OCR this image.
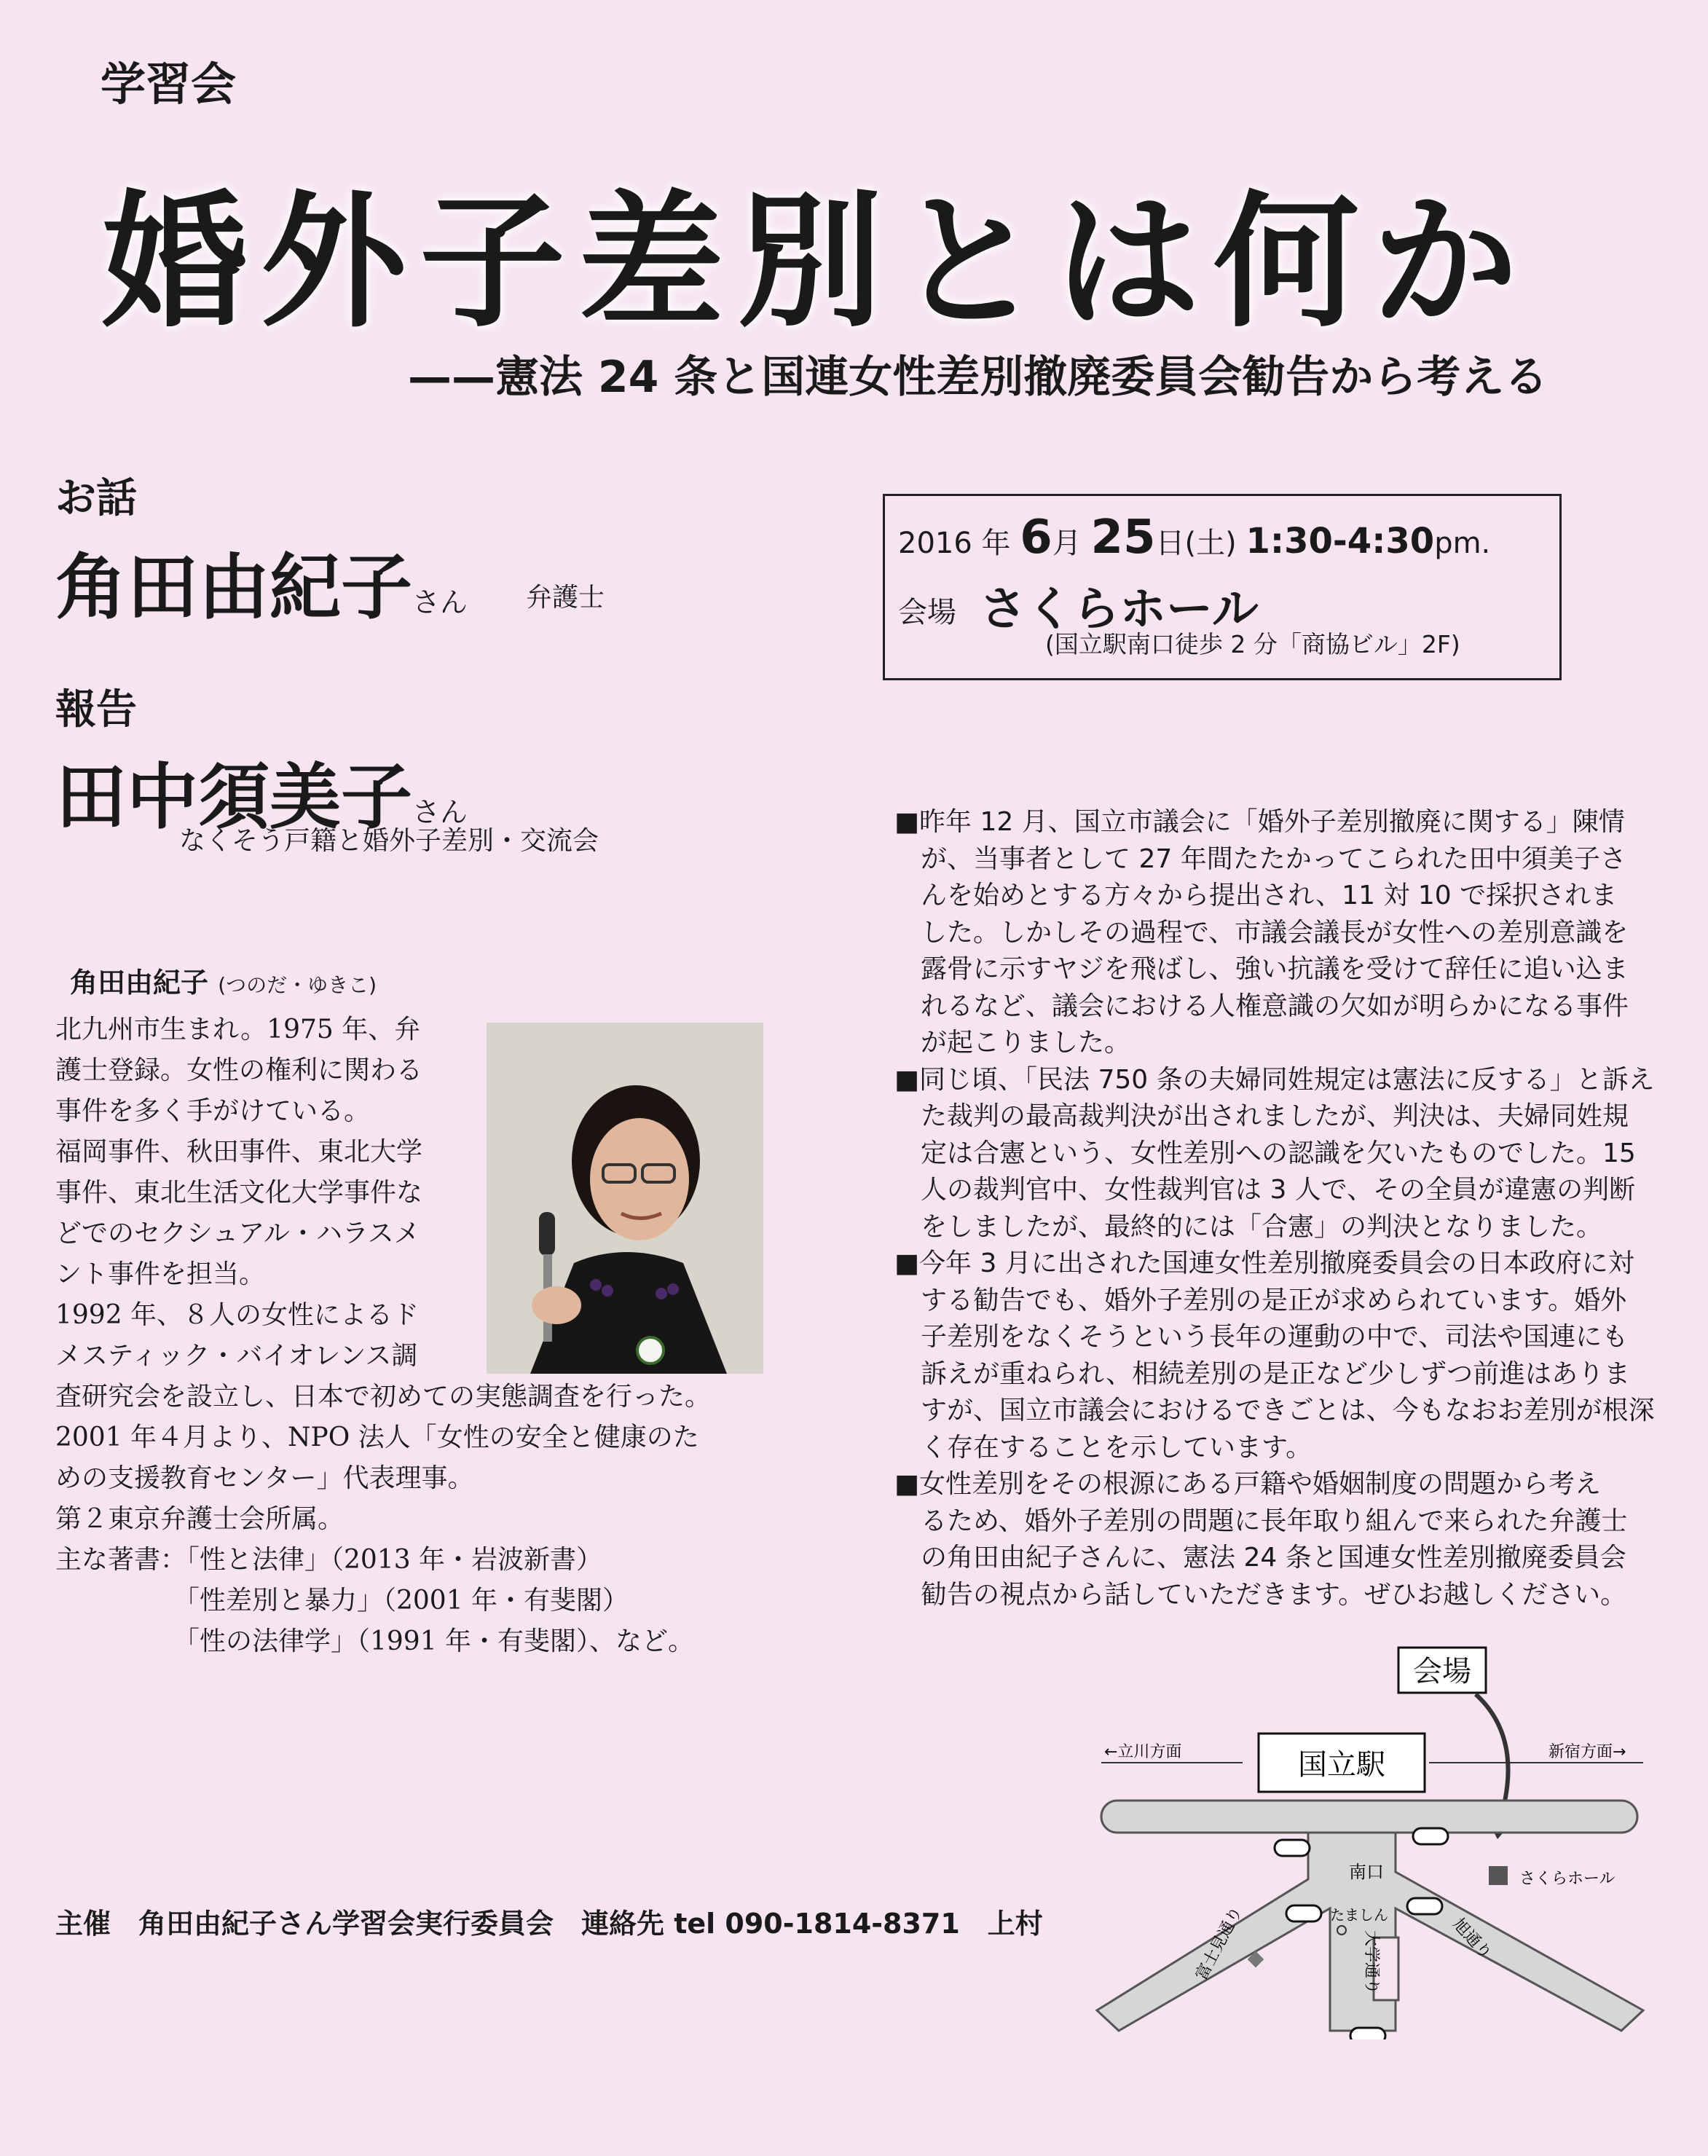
学習会
婚外子差別とは何か
——憲法 24 条と国連女性差別撤廃委員会勧告から考える
お話
角田由紀子さん 弁護士
報告
田中須美子さん
なくそう戸籍と婚外子差別・交流会
2016 年 6月 25日(土) 1:30-4:30pm.
会場 さくらホール
(国立駅南口徒歩 2 分「商協ビル」2F)
角田由紀子 (つのだ・ゆきこ)
北九州市生まれ。1975 年、弁
護士登録。女性の権利に関わる
事件を多く手がけている。
福岡事件、秋田事件、東北大学
事件、東北生活文化大学事件な
どでのセクシュアル・ハラスメ
ント事件を担当。
1992 年、８人の女性によるド
メスティック・バイオレンス調
査研究会を設立し、日本で初めての実態調査を行った。
2001 年４月より、NPO 法人「女性の安全と健康のた
めの支援教育センター」代表理事。
第２東京弁護士会所属。
主な著書：「性と法律」（2013 年・岩波新書）
　　　　　「性差別と暴力」（2001 年・有斐閣）
　　　　　「性の法律学」（1991 年・有斐閣）、など。
■昨年 12 月、国立市議会に「婚外子差別撤廃に関する」陳情
　が、当事者として 27 年間たたかってこられた田中須美子さ
　んを始めとする方々から提出され、11 対 10 で採択されま
　した。しかしその過程で、市議会議長が女性への差別意識を
　露骨に示すヤジを飛ばし、強い抗議を受けて辞任に追い込ま
　れるなど、議会における人権意識の欠如が明らかになる事件
　が起こりました。
■同じ頃、「民法 750 条の夫婦同姓規定は憲法に反する」と訴え
　た裁判の最高裁判決が出されましたが、判決は、夫婦同姓規
　定は合憲という、女性差別への認識を欠いたものでした。15
　人の裁判官中、女性裁判官は 3 人で、その全員が違憲の判断
　をしましたが、最終的には「合憲」の判決となりました。
■今年 3 月に出された国連女性差別撤廃委員会の日本政府に対
　する勧告でも、婚外子差別の是正が求められています。婚外
　子差別をなくそうという長年の運動の中で、司法や国連にも
　訴えが重ねられ、相続差別の是正など少しずつ前進はありま
　すが、国立市議会におけるできごとは、今もなおお差別が根深
　く存在することを示しています。
■女性差別をその根源にある戸籍や婚姻制度の問題から考え
　るため、婚外子差別の問題に長年取り組んで来られた弁護士
　の角田由紀子さんに、憲法 24 条と国連女性差別撤廃委員会
　勧告の視点から話していただきます。ぜひお越しください。
主催　角田由紀子さん学習会実行委員会　連絡先 tel 090-1814-8371　上村
会場
←立川方面	新宿方面→
国立駅
さくらホール
南口
たましん
大学通り
富士見通り	旭通り
